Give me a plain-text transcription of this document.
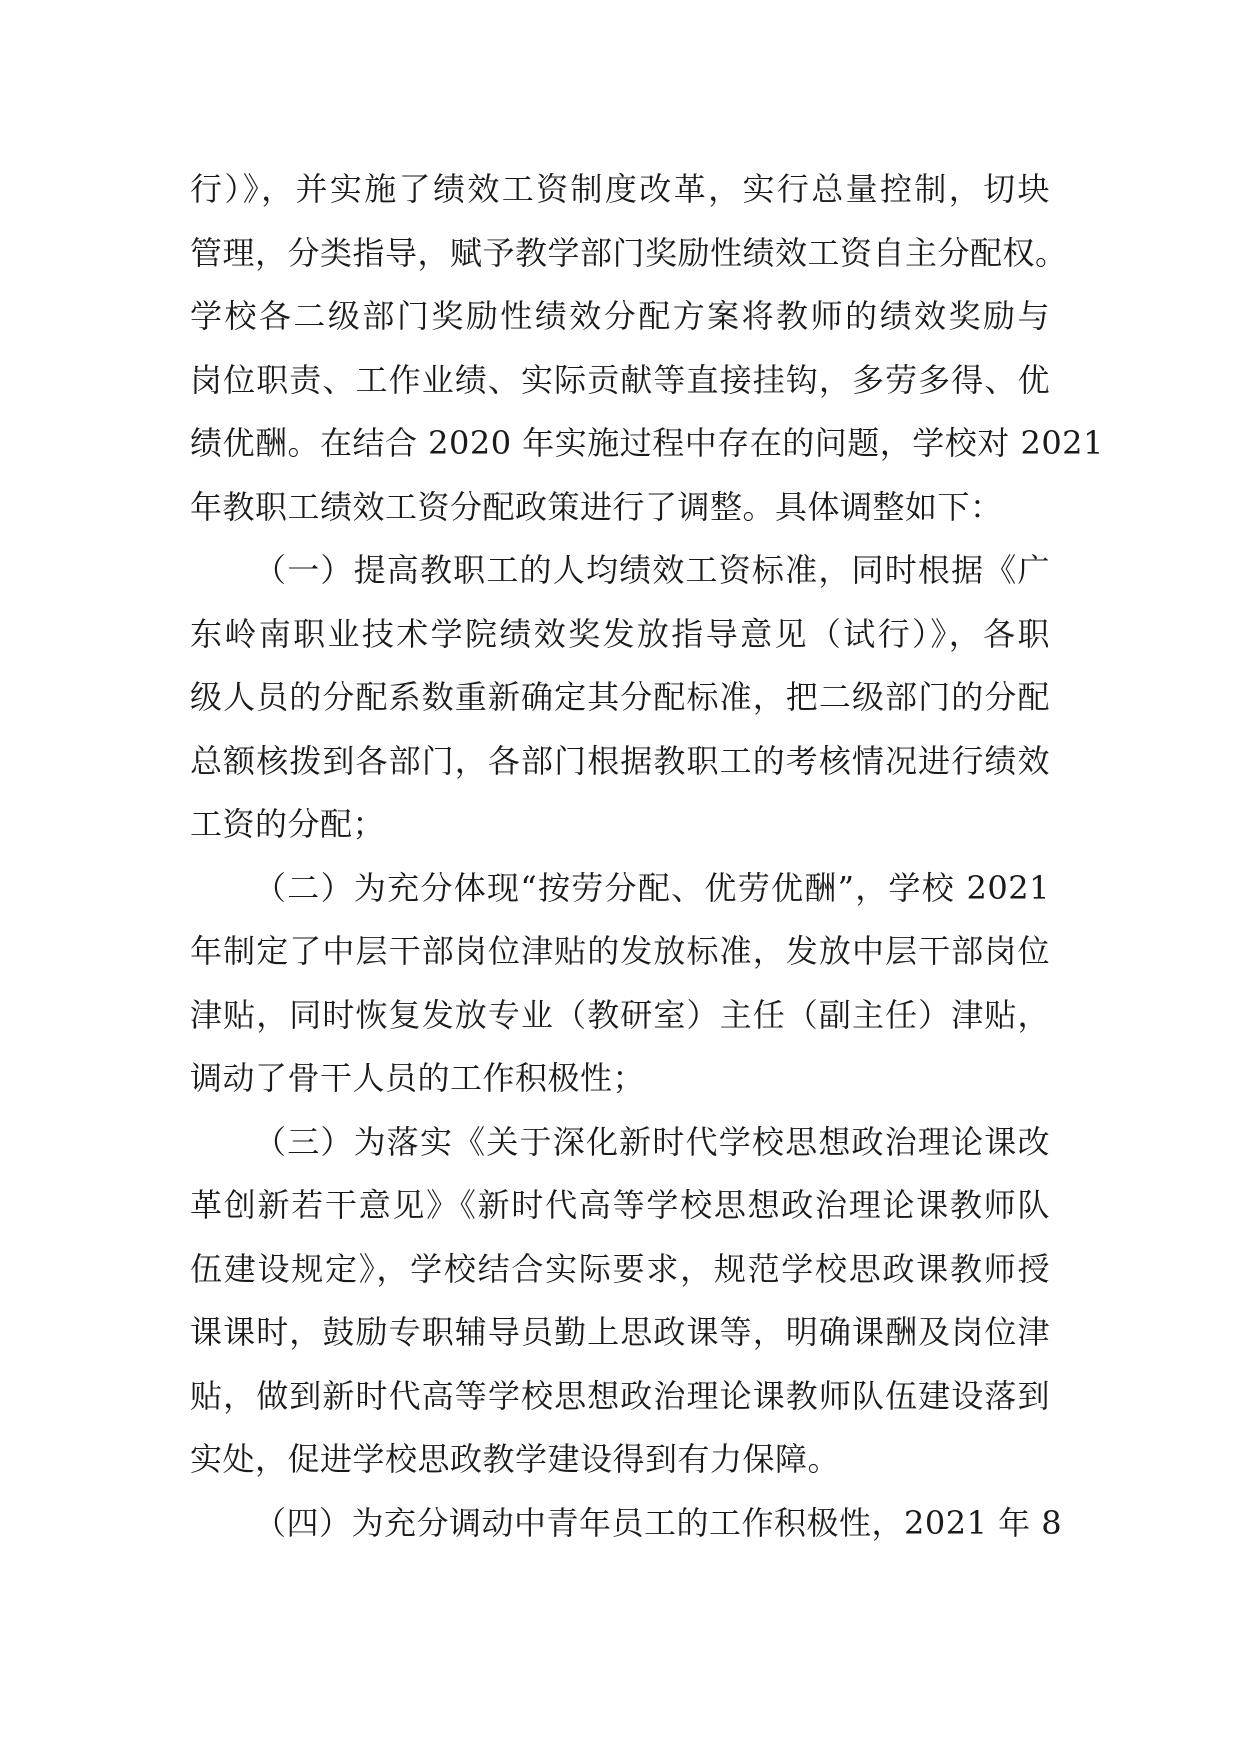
行）》，并实施了绩效工资制度改革，实行总量控制，切块
管理，分类指导，赋予教学部门奖励性绩效工资自主分配权。
学校各二级部门奖励性绩效分配方案将教师的绩效奖励与
岗位职责、工作业绩、实际贡献等直接挂钩，多劳多得、优
绩优酬。在结合 2020 年实施过程中存在的问题，学校对 2021
年教职工绩效工资分配政策进行了调整。具体调整如下：
（一）提高教职工的人均绩效工资标准，同时根据《广
东岭南职业技术学院绩效奖发放指导意见（试行）》，各职
级人员的分配系数重新确定其分配标准，把二级部门的分配
总额核拨到各部门，各部门根据教职工的考核情况进行绩效
工资的分配；
（二）为充分体现“按劳分配、优劳优酬”，学校 2021
年制定了中层干部岗位津贴的发放标准，发放中层干部岗位
津贴，同时恢复发放专业（教研室）主任（副主任）津贴，
调动了骨干人员的工作积极性；
（三）为落实《关于深化新时代学校思想政治理论课改
革创新若干意见》《新时代高等学校思想政治理论课教师队
伍建设规定》，学校结合实际要求，规范学校思政课教师授
课课时，鼓励专职辅导员勤上思政课等，明确课酬及岗位津
贴，做到新时代高等学校思想政治理论课教师队伍建设落到
实处，促进学校思政教学建设得到有力保障。
（四）为充分调动中青年员工的工作积极性，2021 年 8
